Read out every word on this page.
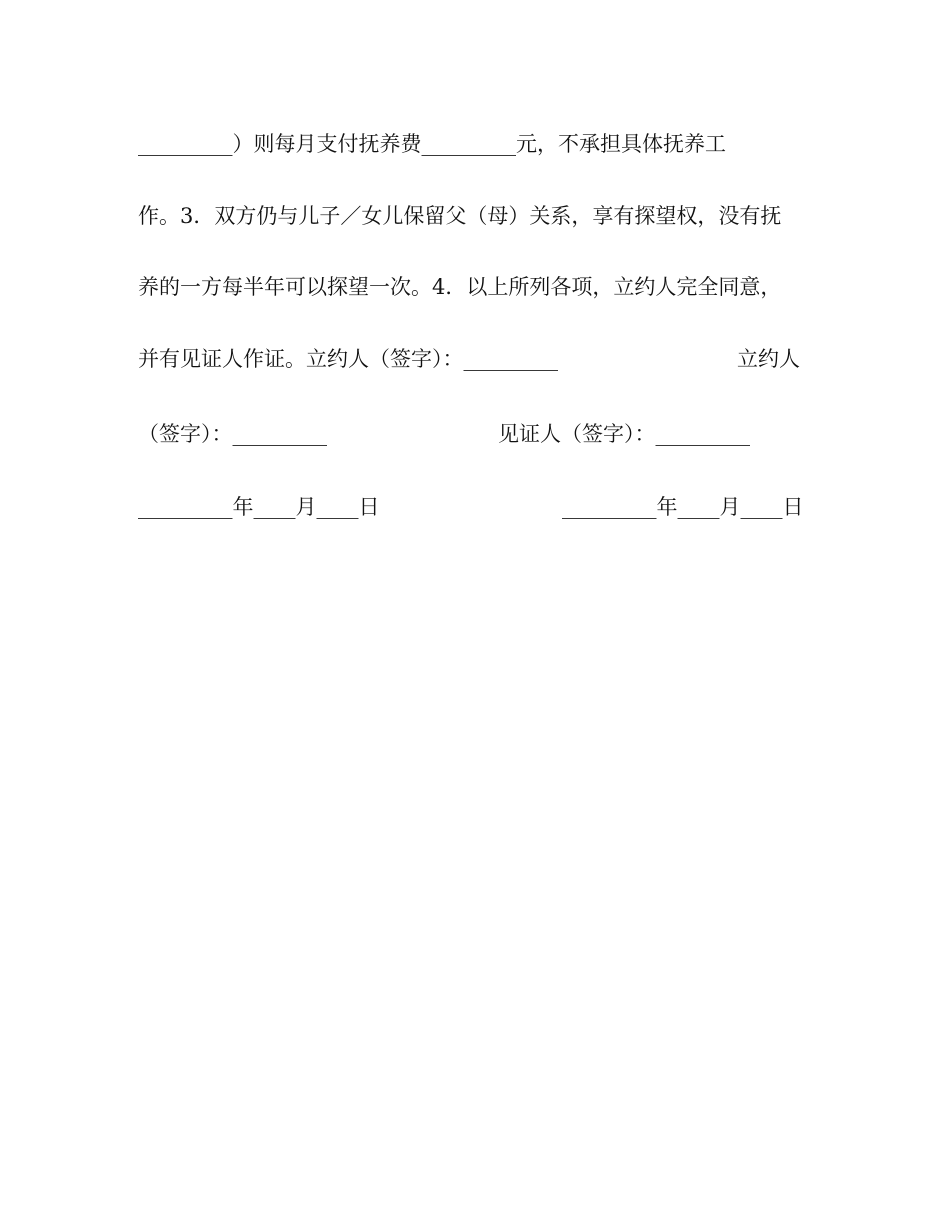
_________）则每月支付抚养费_________元，不承担具体抚养工
作。3．双方仍与儿子／女儿保留父（母）关系，享有探望权，没有抚
养的一方每半年可以探望一次。4．以上所列各项，立约人完全同意，
并有见证人作证。立约人（签字）：_________	立约人
（签字）：_________	见证人（签字）：_________
_________年____月____日	_________年____月____日
